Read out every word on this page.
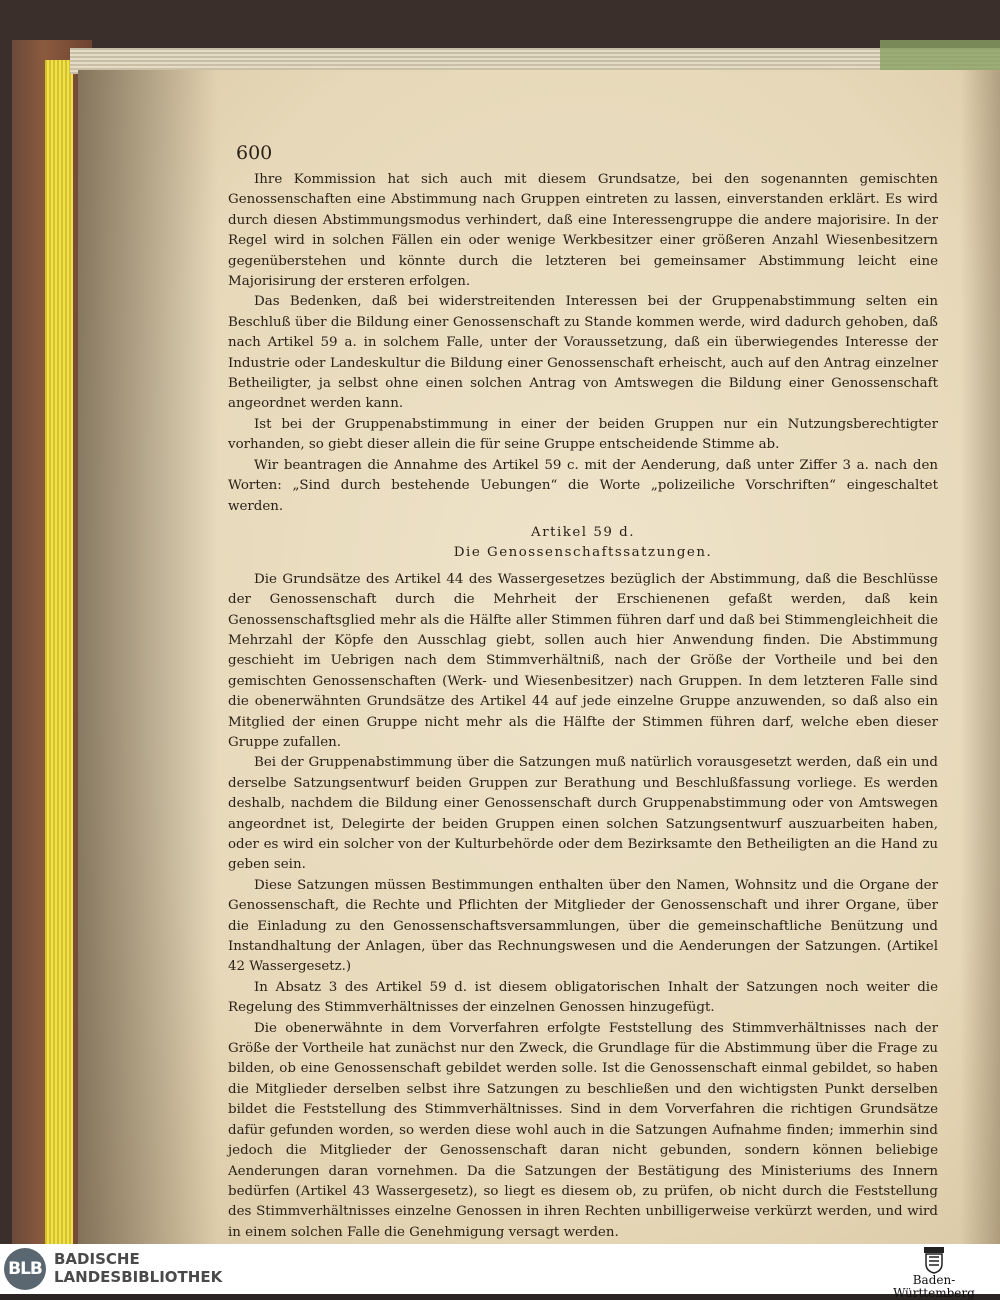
600

Ihre Kommission hat sich auch mit diesem Grundsatze, bei den sogenannten gemischten Genossenschaften eine Abstimmung nach Gruppen eintreten zu lassen, einverstanden erklärt. Es wird durch diesen Abstimmungsmodus verhindert, daß eine Interessengruppe die andere majorisire. In der Regel wird in solchen Fällen ein oder wenige Werkbesitzer einer größeren Anzahl Wiesenbesitzern gegenüberstehen und könnte durch die letzteren bei gemeinsamer Abstimmung leicht eine Majorisirung der ersteren erfolgen.

Das Bedenken, daß bei widerstreitenden Interessen bei der Gruppenabstimmung selten ein Beschluß über die Bildung einer Genossenschaft zu Stande kommen werde, wird dadurch gehoben, daß nach Artikel 59 a. in solchem Falle, unter der Voraussetzung, daß ein überwiegendes Interesse der Industrie oder Landeskultur die Bildung einer Genossenschaft erheischt, auch auf den Antrag einzelner Betheiligter, ja selbst ohne einen solchen Antrag von Amtswegen die Bildung einer Genossenschaft angeordnet werden kann.

Ist bei der Gruppenabstimmung in einer der beiden Gruppen nur ein Nutzungsberechtigter vorhanden, so giebt dieser allein die für seine Gruppe entscheidende Stimme ab.

Wir beantragen die Annahme des Artikel 59 c. mit der Aenderung, daß unter Ziffer 3 a. nach den Worten: „Sind durch bestehende Uebungen“ die Worte „polizeiliche Vorschriften“ eingeschaltet werden.

Artikel 59 d.

Die Genossenschaftssatzungen.

Die Grundsätze des Artikel 44 des Wassergesetzes bezüglich der Abstimmung, daß die Beschlüsse der Genossenschaft durch die Mehrheit der Erschienenen gefaßt werden, daß kein Genossenschaftsglied mehr als die Hälfte aller Stimmen führen darf und daß bei Stimmengleichheit die Mehrzahl der Köpfe den Ausschlag giebt, sollen auch hier Anwendung finden. Die Abstimmung geschieht im Uebrigen nach dem Stimmverhältniß, nach der Größe der Vortheile und bei den gemischten Genossenschaften (Werk- und Wiesenbesitzer) nach Gruppen. In dem letzteren Falle sind die obenerwähnten Grundsätze des Artikel 44 auf jede einzelne Gruppe anzuwenden, so daß also ein Mitglied der einen Gruppe nicht mehr als die Hälfte der Stimmen führen darf, welche eben dieser Gruppe zufallen.

Bei der Gruppenabstimmung über die Satzungen muß natürlich vorausgesetzt werden, daß ein und derselbe Satzungsentwurf beiden Gruppen zur Berathung und Beschlußfassung vorliege. Es werden deshalb, nachdem die Bildung einer Genossenschaft durch Gruppenabstimmung oder von Amtswegen angeordnet ist, Delegirte der beiden Gruppen einen solchen Satzungsentwurf auszuarbeiten haben, oder es wird ein solcher von der Kulturbehörde oder dem Bezirksamte den Betheiligten an die Hand zu geben sein.

Diese Satzungen müssen Bestimmungen enthalten über den Namen, Wohnsitz und die Organe der Genossenschaft, die Rechte und Pflichten der Mitglieder der Genossenschaft und ihrer Organe, über die Einladung zu den Genossenschaftsversammlungen, über die gemeinschaftliche Benützung und Instandhaltung der Anlagen, über das Rechnungswesen und die Aenderungen der Satzungen. (Artikel 42 Wassergesetz.)

In Absatz 3 des Artikel 59 d. ist diesem obligatorischen Inhalt der Satzungen noch weiter die Regelung des Stimmverhältnisses der einzelnen Genossen hinzugefügt.

Die obenerwähnte in dem Vorverfahren erfolgte Feststellung des Stimmverhältnisses nach der Größe der Vortheile hat zunächst nur den Zweck, die Grundlage für die Abstimmung über die Frage zu bilden, ob eine Genossenschaft gebildet werden solle. Ist die Genossenschaft einmal gebildet, so haben die Mitglieder derselben selbst ihre Satzungen zu beschließen und den wichtigsten Punkt derselben bildet die Feststellung des Stimmverhältnisses. Sind in dem Vorverfahren die richtigen Grundsätze dafür gefunden worden, so werden diese wohl auch in die Satzungen Aufnahme finden; immerhin sind jedoch die Mitglieder der Genossenschaft daran nicht gebunden, sondern können beliebige Aenderungen daran vornehmen. Da die Satzungen der Bestätigung des Ministeriums des Innern bedürfen (Artikel 43 Wassergesetz), so liegt es diesem ob, zu prüfen, ob nicht durch die Feststellung des Stimmverhältnisses einzelne Genossen in ihren Rechten unbilligerweise verkürzt werden, und wird in einem solchen Falle die Genehmigung versagt werden.

BLB BADISCHE
LANDESBIBLIOTHEK	Baden-Württemberg
